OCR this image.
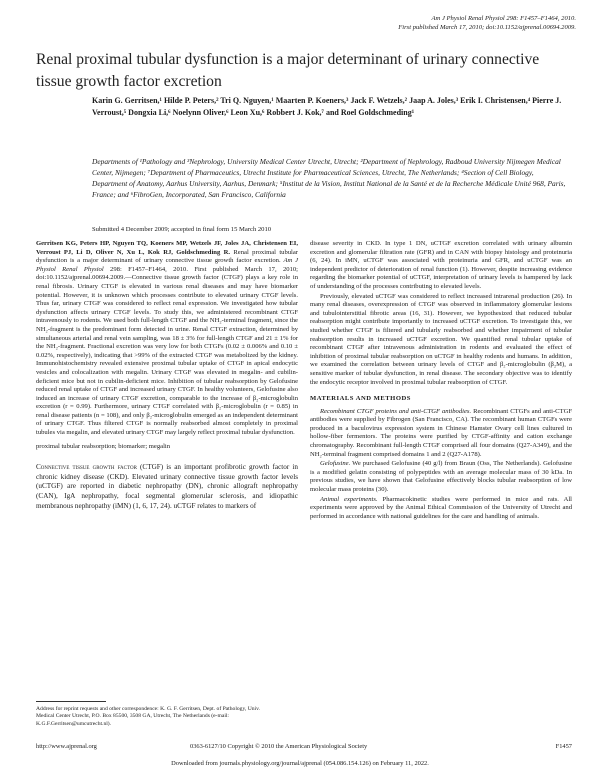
Am J Physiol Renal Physiol 298: F1457–F1464, 2010.
First published March 17, 2010; doi:10.1152/ajprenal.00694.2009.
Renal proximal tubular dysfunction is a major determinant of urinary connective tissue growth factor excretion
Karin G. Gerritsen,¹ Hilde P. Peters,² Tri Q. Nguyen,¹ Maarten P. Koeners,³ Jack F. Wetzels,² Jaap A. Joles,³ Erik I. Christensen,⁴ Pierre J. Verroust,⁵ Dongxia Li,⁶ Noelynn Oliver,⁶ Leon Xu,⁶ Robbert J. Kok,⁷ and Roel Goldschmeding¹
Departments of ¹Pathology and ³Nephrology, University Medical Center Utrecht, Utrecht; ²Department of Nephrology, Radboud University Nijmegen Medical Center, Nijmegen; ⁷Department of Pharmaceutics, Utrecht Institute for Pharmaceutical Sciences, Utrecht, The Netherlands; ⁴Section of Cell Biology, Department of Anatomy, Aarhus University, Aarhus, Denmark; ⁵Institut de la Vision, Institut National de la Santé et de la Recherche Médicale Unité 968, Paris, France; and ⁶FibroGen, Incorporated, San Francisco, California
Submitted 4 December 2009; accepted in final form 15 March 2010

Gerritsen KG, Peters HP, Nguyen TQ, Koeners MP, Wetzels JF, Joles JA, Christensen EI, Verroust PJ, Li D, Oliver N, Xu L, Kok RJ, Goldschmeding R. Renal proximal tubular dysfunction is a major determinant of urinary connective tissue growth factor excretion. Am J Physiol Renal Physiol 298: F1457–F1464, 2010. First published March 17, 2010; doi:10.1152/ajprenal.00694.2009.—Connective tissue growth factor (CTGF) plays a key role in renal fibrosis. Urinary CTGF is elevated in various renal diseases and may have biomarker potential. However, it is unknown which processes contribute to elevated urinary CTGF levels. Thus far, urinary CTGF was considered to reflect renal expression. We investigated how tubular dysfunction affects urinary CTGF levels. To study this, we administered recombinant CTGF intravenously to rodents. We used both full-length CTGF and the NH₂-terminal fragment, since the NH₂-fragment is the predominant form detected in urine. Renal CTGF extraction, determined by simultaneous arterial and renal vein sampling, was 18 ± 3% for full-length CTGF and 21 ± 1% for the NH₂-fragment. Fractional excretion was very low for both CTGFs (0.02 ± 0.006% and 0.10 ± 0.02%, respectively), indicating that >99% of the extracted CTGF was metabolized by the kidney. Immunohistochemistry revealed extensive proximal tubular uptake of CTGF in apical endocytic vesicles and colocalization with megalin. Urinary CTGF was elevated in megalin- and cubilin-deficient mice but not in cubilin-deficient mice. Inhibition of tubular reabsorption by Gelofusine reduced renal uptake of CTGF and increased urinary CTGF. In healthy volunteers, Gelofusine also induced an increase of urinary CTGF excretion, comparable to the increase of β₂-microglobulin excretion (r = 0.99). Furthermore, urinary CTGF correlated with β₂-microglobulin (r = 0.85) in renal disease patients (n = 108), and only β₂-microglobulin emerged as an independent determinant of urinary CTGF. Thus filtered CTGF is normally reabsorbed almost completely in proximal tubules via megalin, and elevated urinary CTGF may largely reflect proximal tubular dysfunction.

proximal tubular reabsorption; biomarker; megalin

Connective tissue growth factor (CTGF) is an important profibrotic growth factor in chronic kidney disease (CKD). Elevated urinary connective tissue growth factor levels (uCTGF) are reported in diabetic nephropathy (DN), chronic allograft nephropathy (CAN), IgA nephropathy, focal segmental glomerular sclerosis, and idiopathic membranous nephropathy (iMN) (1, 6, 17, 24). uCTGF relates to markers of

Address for reprint requests and other correspondence: K. G. F. Gerritsen, Dept. of Pathology, Univ. Medical Center Utrecht, P.O. Box 85500, 3508 GA, Utrecht, The Netherlands (e-mail: K.G.F.Gerritsen@umcutrecht.nl).

disease severity in CKD. In type 1 DN, uCTGF excretion correlated with urinary albumin excretion and glomerular filtration rate (GFR) and in CAN with biopsy histology and proteinuria (6, 24). In iMN, uCTGF was associated with proteinuria and GFR, and uCTGF was an independent predictor of deterioration of renal function (1). However, despite increasing evidence regarding the biomarker potential of uCTGF, interpretation of urinary levels is hampered by lack of understanding of the processes contributing to elevated levels.

Previously, elevated uCTGF was considered to reflect increased intrarenal production (26). In many renal diseases, overexpression of CTGF was observed in inflammatory glomerular lesions and tubulointerstitial fibrotic areas (16, 31). However, we hypothesized that reduced tubular reabsorption might contribute importantly to increased uCTGF excretion. To investigate this, we studied whether CTGF is filtered and tubularly reabsorbed and whether impairment of tubular reabsorption results in increased uCTGF excretion. We quantified renal tubular uptake of recombinant CTGF after intravenous administration in rodents and evaluated the effect of inhibition of proximal tubular reabsorption on uCTGF in healthy rodents and humans. In addition, we examined the correlation between urinary levels of CTGF and β₂-microglobulin (β₂M), a sensitive marker of tubular dysfunction, in renal disease. The secondary objective was to identify the endocytic receptor involved in proximal tubular reabsorption of CTGF.

MATERIALS AND METHODS

Recombinant CTGF proteins and anti-CTGF antibodies. Recombinant CTGFs and anti-CTGF antibodies were supplied by Fibrogen (San Francisco, CA). The recombinant human CTGFs were produced in a baculovirus expression system in Chinese Hamster Ovary cell lines cultured in hollow-fiber fermentors. The proteins were purified by CTGF-affinity and cation exchange chromatography. Recombinant full-length CTGF comprised all four domains (Q27-A349), and the NH₂-terminal fragment comprised domains 1 and 2 (Q27-A178).

Gelofusine. We purchased Gelofusine (40 g/l) from Braun (Oss, The Netherlands). Gelofusine is a modified gelatin consisting of polypeptides with an average molecular mass of 30 kDa. In previous studies, we have shown that Gelofusine effectively blocks tubular reabsorption of low molecular mass proteins (30).

Animal experiments. Pharmacokinetic studies were performed in mice and rats. All experiments were approved by the Animal Ethical Commission of the University of Utrecht and performed in accordance with national guidelines for the care and handling of animals.

http://www.ajprenal.org	0363-6127/10 Copyright © 2010 the American Physiological Society	F1457
Downloaded from journals.physiology.org/journal/ajprenal (054.086.154.126) on February 11, 2022.
